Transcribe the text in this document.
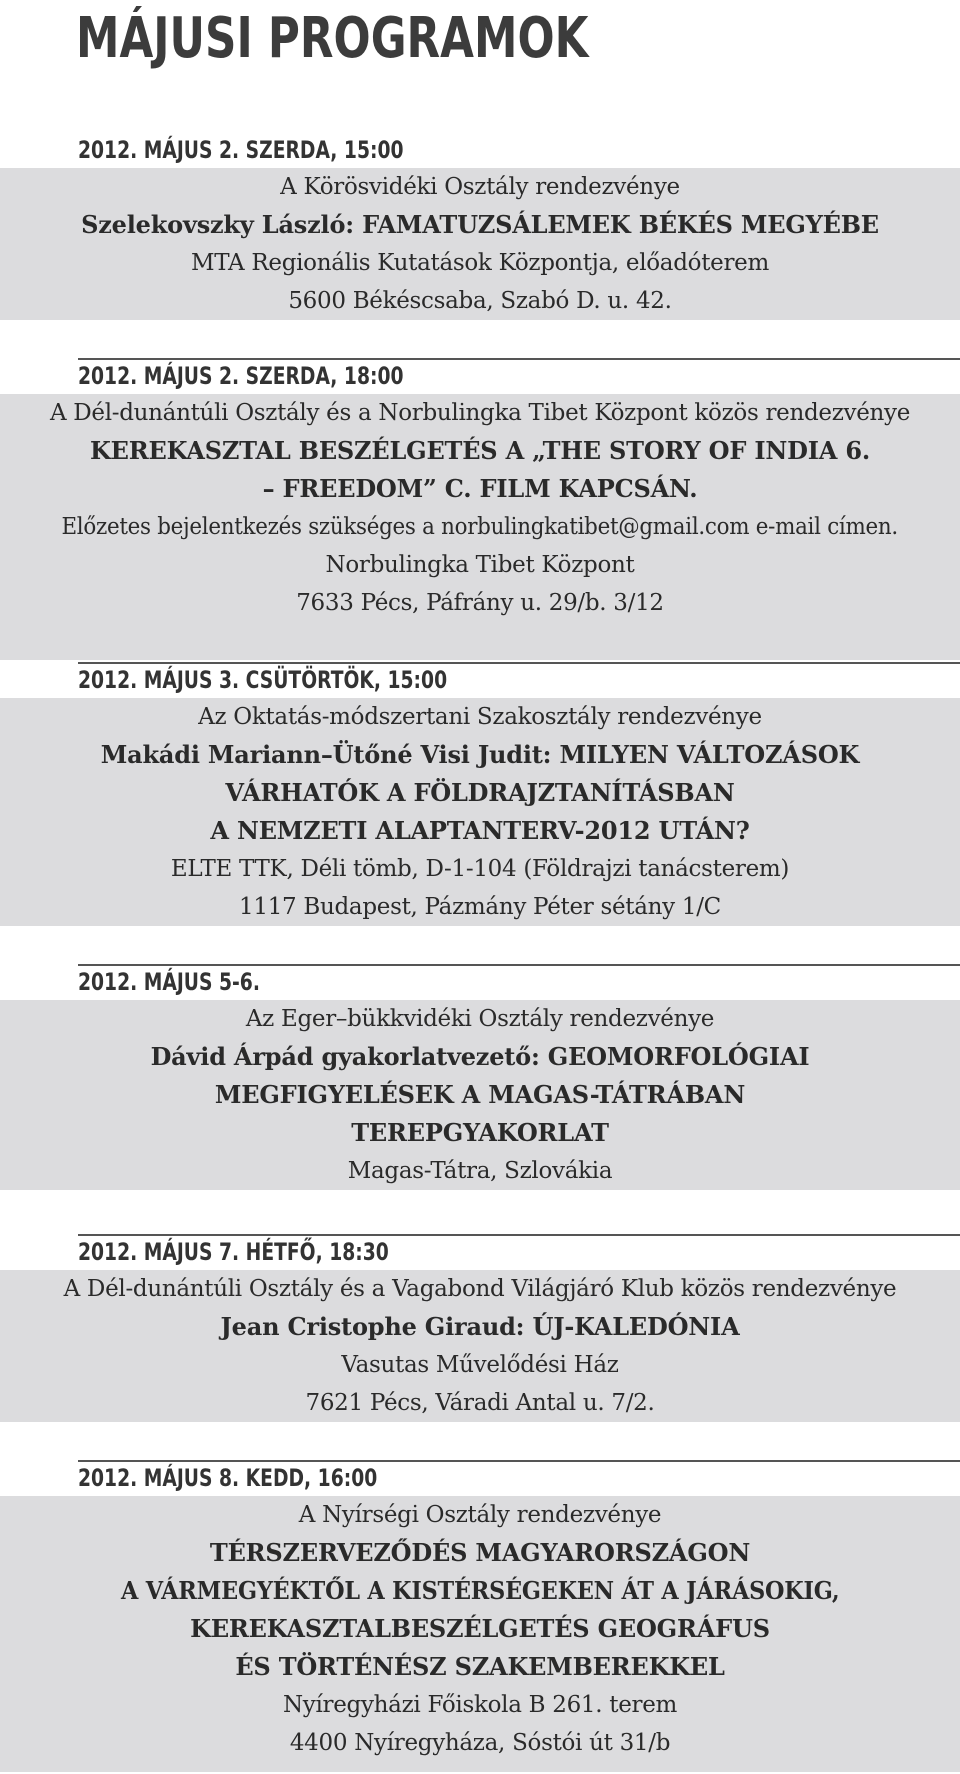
MÁJUSI PROGRAMOK
2012. MÁJUS 2. SZERDA, 15:00
A Körösvidéki Osztály rendezvénye
Szelekovszky László: FAMATUZSÁLEMEK BÉKÉS MEGYÉBE
MTA Regionális Kutatások Központja, előadóterem
5600 Békéscsaba, Szabó D. u. 42.
2012. MÁJUS 2. SZERDA, 18:00
A Dél-dunántúli Osztály és a Norbulingka Tibet Központ közös rendezvénye
KEREKASZTAL BESZÉLGETÉS A „THE STORY OF INDIA 6.
– FREEDOM” C. FILM KAPCSÁN.
Előzetes bejelentkezés szükséges a norbulingkatibet@gmail.com e-mail címen.
Norbulingka Tibet Központ
7633 Pécs, Páfrány u. 29/b. 3/12
2012. MÁJUS 3. CSÜTÖRTÖK, 15:00
Az Oktatás-módszertani Szakosztály rendezvénye
Makádi Mariann–Ütőné Visi Judit: MILYEN VÁLTOZÁSOK
VÁRHATÓK A FÖLDRAJZTANÍTÁSBAN
A NEMZETI ALAPTANTERV-2012 UTÁN?
ELTE TTK, Déli tömb, D-1-104 (Földrajzi tanácsterem)
1117 Budapest, Pázmány Péter sétány 1/C
2012. MÁJUS 5-6.
Az Eger–bükkvidéki Osztály rendezvénye
Dávid Árpád gyakorlatvezető: GEOMORFOLÓGIAI
MEGFIGYELÉSEK A MAGAS-TÁTRÁBAN
TEREPGYAKORLAT
Magas-Tátra, Szlovákia
2012. MÁJUS 7. HÉTFŐ, 18:30
A Dél-dunántúli Osztály és a Vagabond Világjáró Klub közös rendezvénye
Jean Cristophe Giraud: ÚJ-KALEDÓNIA
Vasutas Művelődési Ház
7621 Pécs, Váradi Antal u. 7/2.
2012. MÁJUS 8. KEDD, 16:00
A Nyírségi Osztály rendezvénye
TÉRSZERVEZŐDÉS MAGYARORSZÁGON
A VÁRMEGYÉKTŐL A KISTÉRSÉGEKEN ÁT A JÁRÁSOKIG,
KEREKASZTALBESZÉLGETÉS GEOGRÁFUS
ÉS TÖRTÉNÉSZ SZAKEMBEREKKEL
Nyíregyházi Főiskola B 261. terem
4400 Nyíregyháza, Sóstói út 31/b
